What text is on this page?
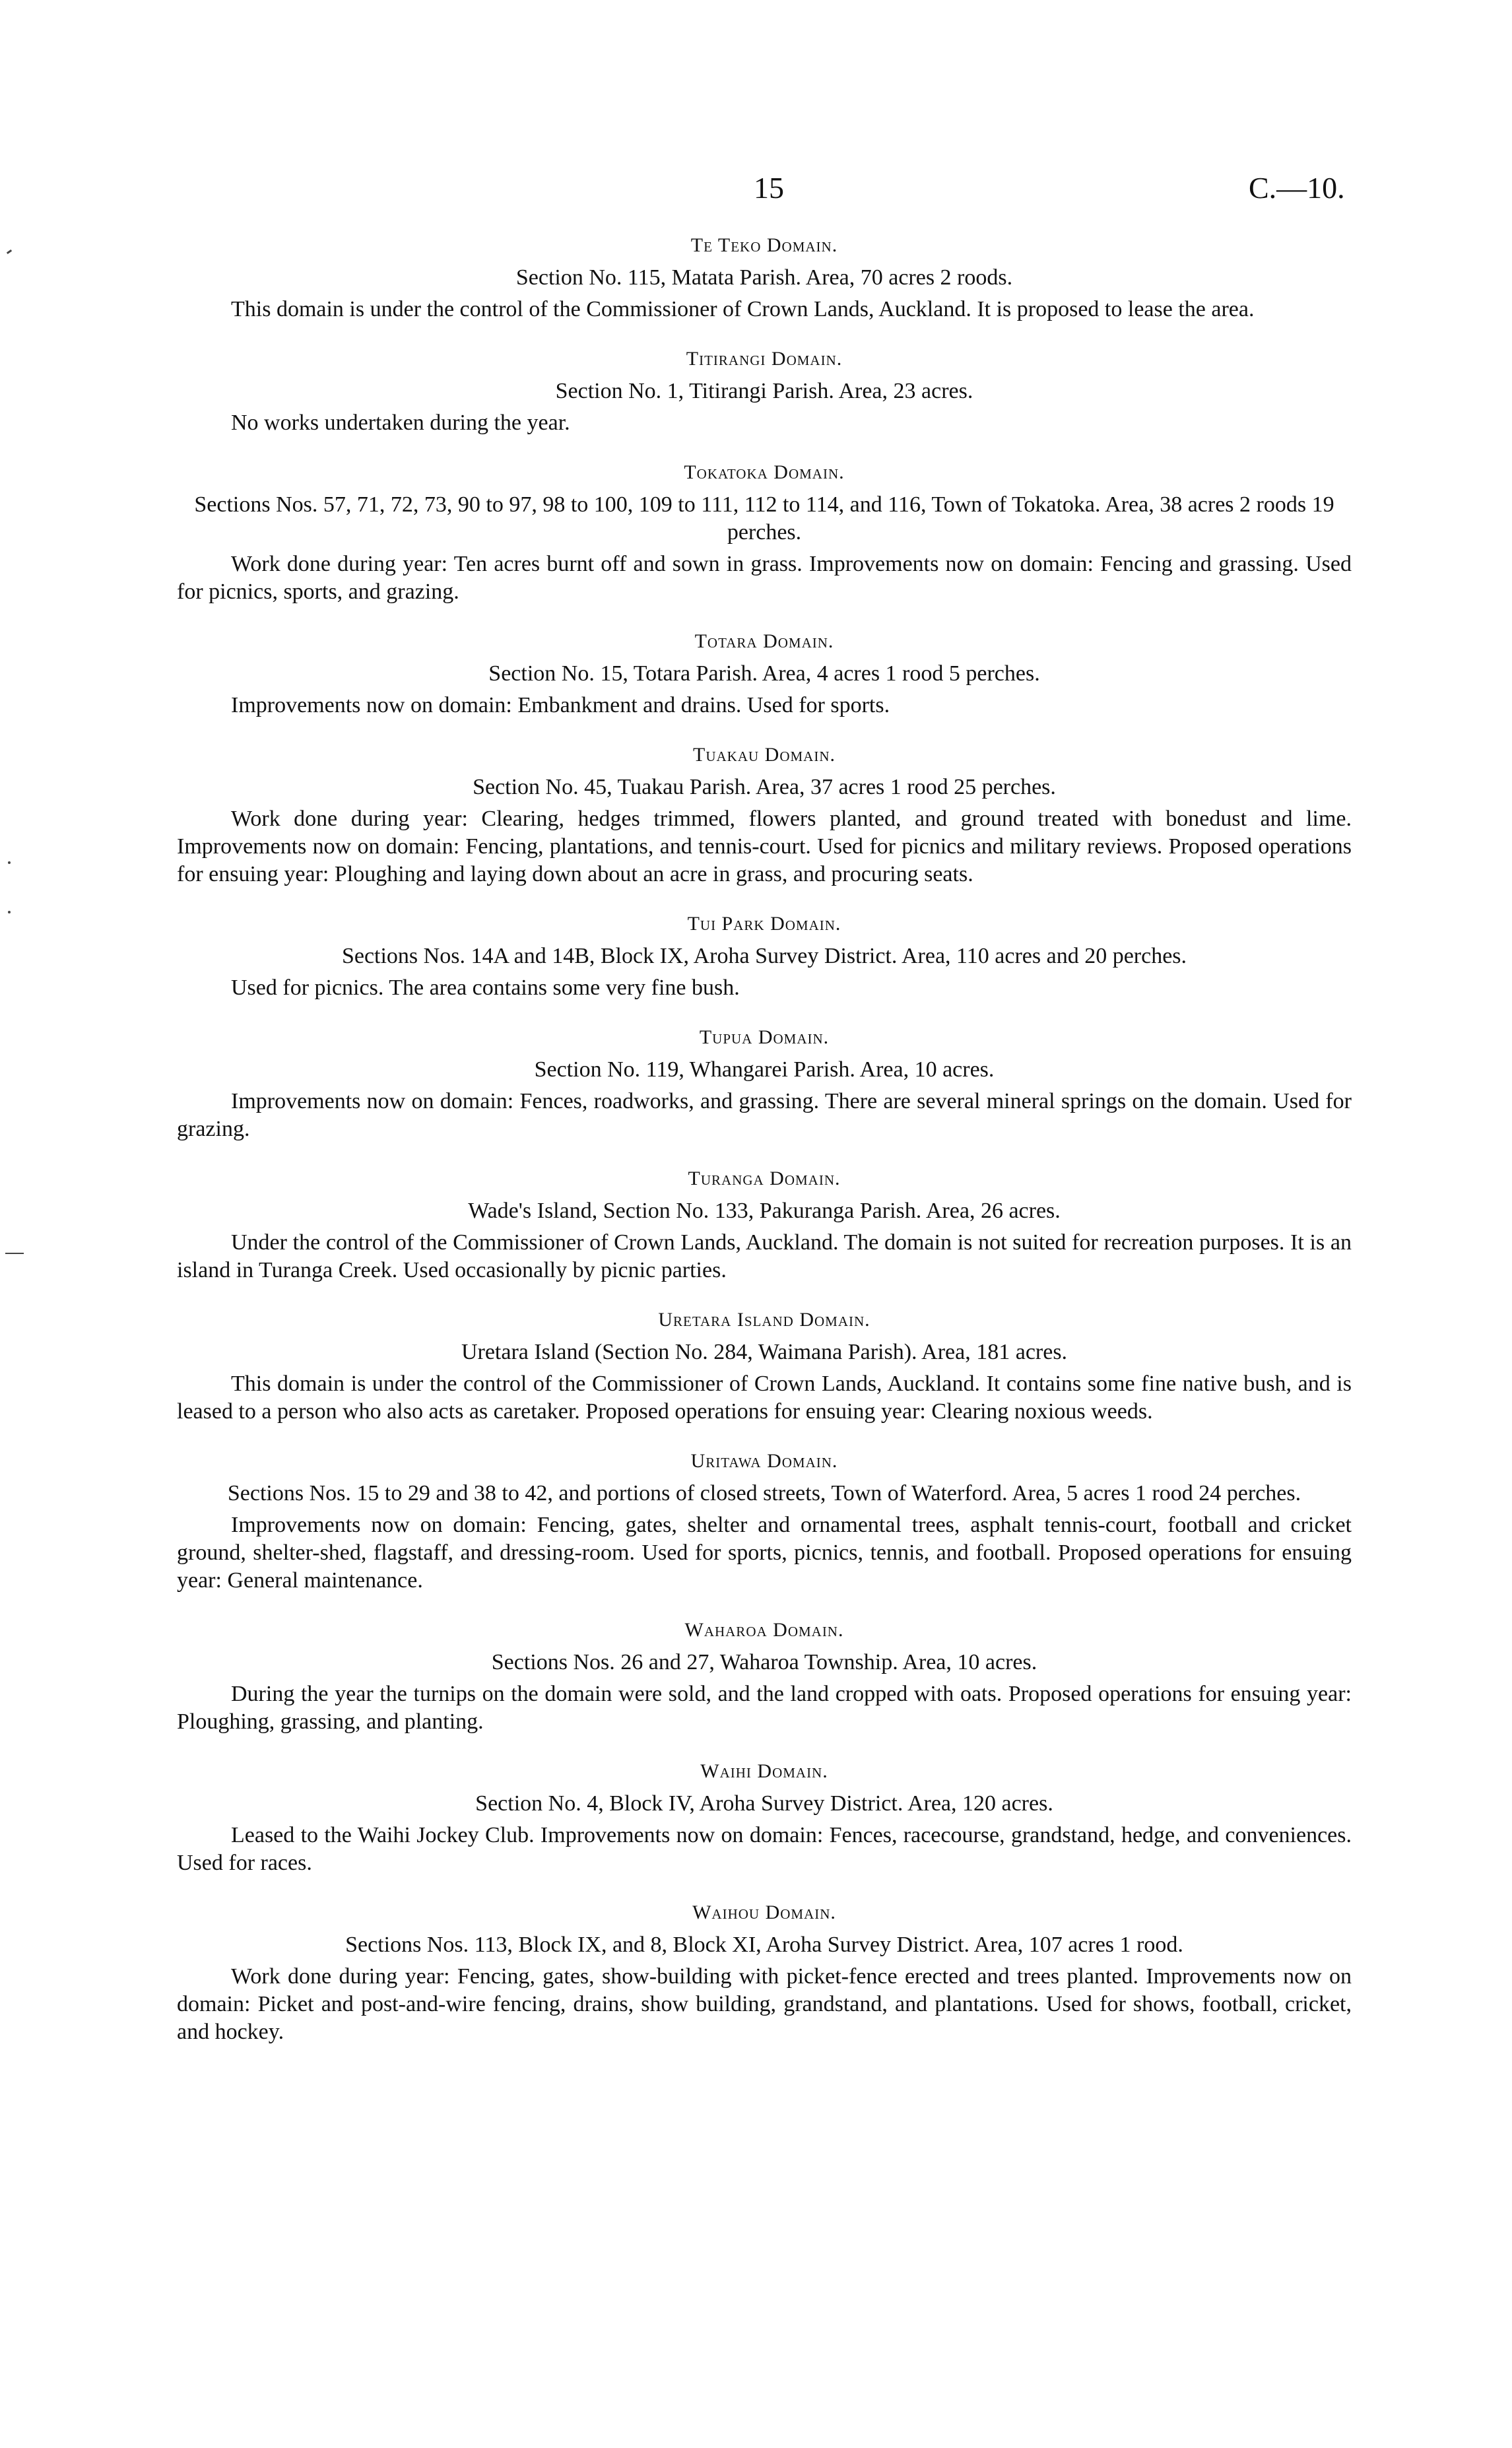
15	C.—10.
Te Teko Domain.
Section No. 115, Matata Parish. Area, 70 acres 2 roods.
This domain is under the control of the Commissioner of Crown Lands, Auckland. It is proposed to lease the area.
Titirangi Domain.
Section No. 1, Titirangi Parish. Area, 23 acres.
No works undertaken during the year.
Tokatoka Domain.
Sections Nos. 57, 71, 72, 73, 90 to 97, 98 to 100, 109 to 111, 112 to 114, and 116, Town of Tokatoka. Area, 38 acres 2 roods 19 perches.
Work done during year: Ten acres burnt off and sown in grass. Improvements now on domain: Fencing and grassing. Used for picnics, sports, and grazing.
Totara Domain.
Section No. 15, Totara Parish. Area, 4 acres 1 rood 5 perches.
Improvements now on domain: Embankment and drains. Used for sports.
Tuakau Domain.
Section No. 45, Tuakau Parish. Area, 37 acres 1 rood 25 perches.
Work done during year: Clearing, hedges trimmed, flowers planted, and ground treated with bonedust and lime. Improvements now on domain: Fencing, plantations, and tennis-court. Used for picnics and military reviews. Proposed operations for ensuing year: Ploughing and laying down about an acre in grass, and procuring seats.
Tui Park Domain.
Sections Nos. 14A and 14B, Block IX, Aroha Survey District. Area, 110 acres and 20 perches.
Used for picnics. The area contains some very fine bush.
Tupua Domain.
Section No. 119, Whangarei Parish. Area, 10 acres.
Improvements now on domain: Fences, roadworks, and grassing. There are several mineral springs on the domain. Used for grazing.
Turanga Domain.
Wade's Island, Section No. 133, Pakuranga Parish. Area, 26 acres.
Under the control of the Commissioner of Crown Lands, Auckland. The domain is not suited for recreation purposes. It is an island in Turanga Creek. Used occasionally by picnic parties.
Uretara Island Domain.
Uretara Island (Section No. 284, Waimana Parish). Area, 181 acres.
This domain is under the control of the Commissioner of Crown Lands, Auckland. It contains some fine native bush, and is leased to a person who also acts as caretaker. Proposed operations for ensuing year: Clearing noxious weeds.
Uritawa Domain.
Sections Nos. 15 to 29 and 38 to 42, and portions of closed streets, Town of Waterford. Area, 5 acres 1 rood 24 perches.
Improvements now on domain: Fencing, gates, shelter and ornamental trees, asphalt tennis-court, football and cricket ground, shelter-shed, flagstaff, and dressing-room. Used for sports, picnics, tennis, and football. Proposed operations for ensuing year: General maintenance.
Waharoa Domain.
Sections Nos. 26 and 27, Waharoa Township. Area, 10 acres.
During the year the turnips on the domain were sold, and the land cropped with oats. Proposed operations for ensuing year: Ploughing, grassing, and planting.
Waihi Domain.
Section No. 4, Block IV, Aroha Survey District. Area, 120 acres.
Leased to the Waihi Jockey Club. Improvements now on domain: Fences, racecourse, grandstand, hedge, and conveniences. Used for races.
Waihou Domain.
Sections Nos. 113, Block IX, and 8, Block XI, Aroha Survey District. Area, 107 acres 1 rood.
Work done during year: Fencing, gates, show-building with picket-fence erected and trees planted. Improvements now on domain: Picket and post-and-wire fencing, drains, show building, grandstand, and plantations. Used for shows, football, cricket, and hockey.
